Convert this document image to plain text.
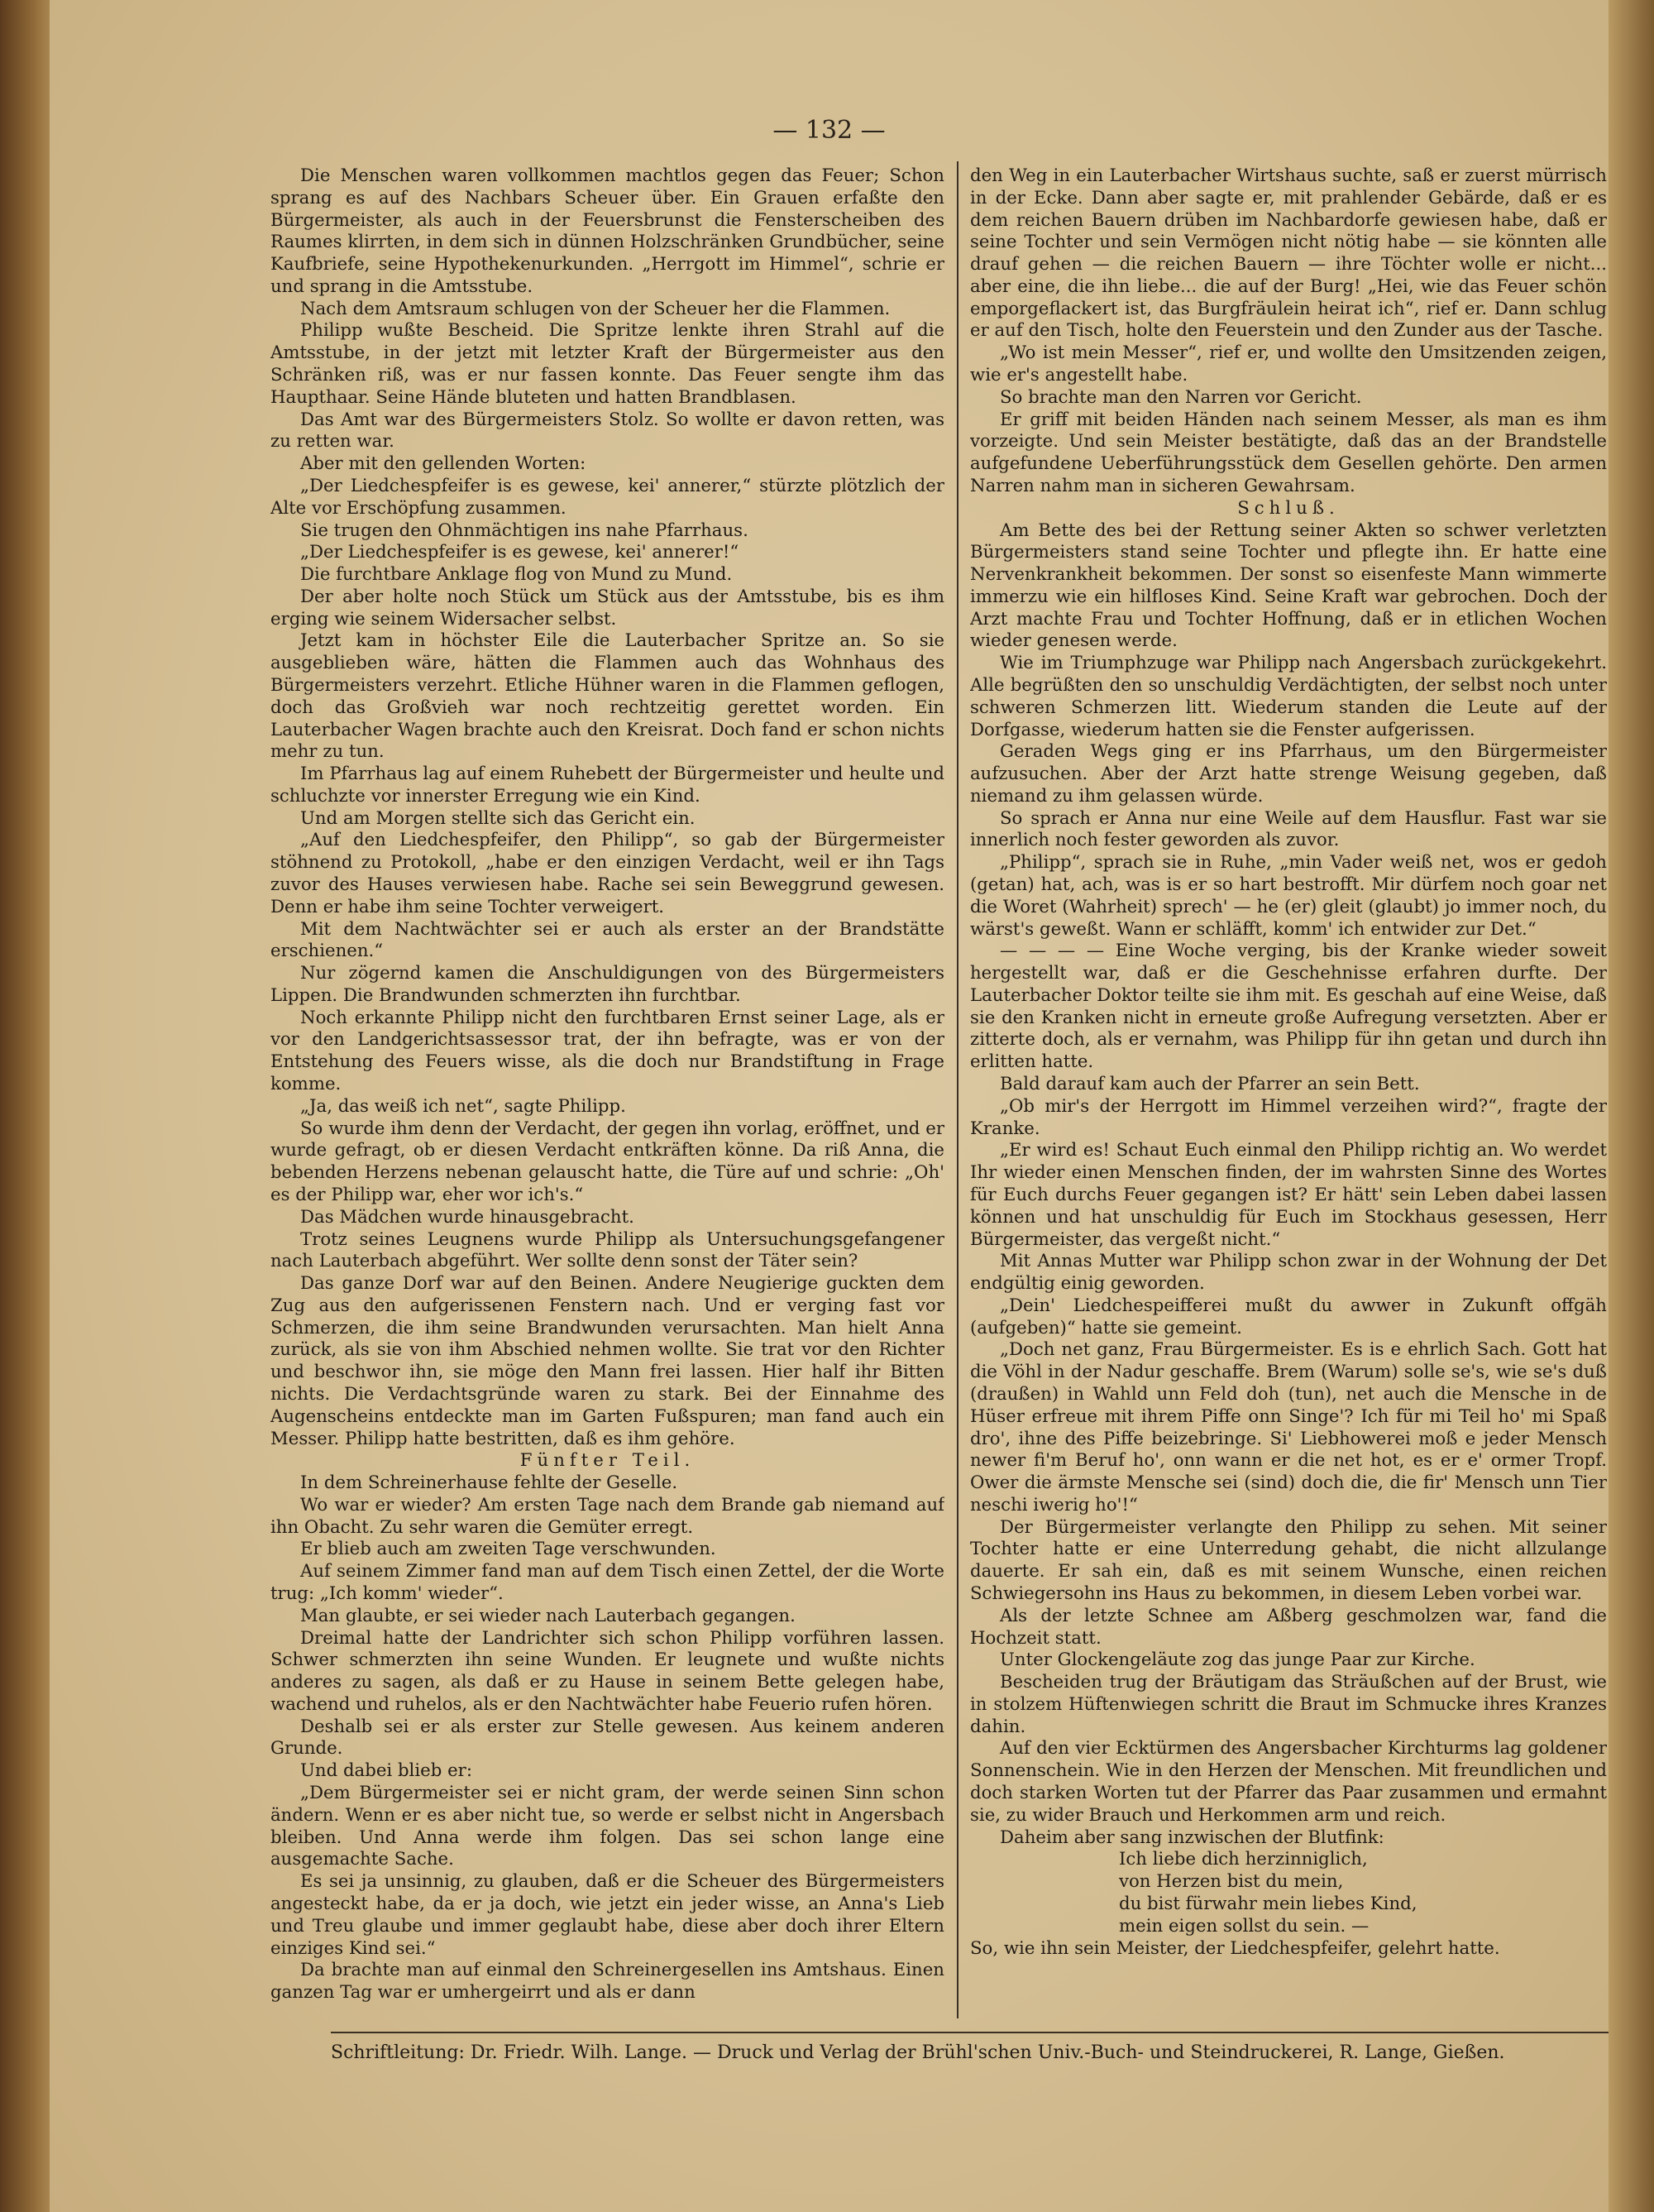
— 132 —

Die Menschen waren vollkommen machtlos gegen das Feuer; Schon sprang es auf des Nachbars Scheuer über. Ein Grauen erfaßte den Bürgermeister, als auch in der Feuersbrunst die Fensterscheiben des Raumes klirrten, in dem sich in dünnen Holzschränken Grundbücher, seine Kaufbriefe, seine Hypothekenurkunden. „Herrgott im Himmel“, schrie er und sprang in die Amtsstube.

Nach dem Amtsraum schlugen von der Scheuer her die Flammen.

Philipp wußte Bescheid. Die Spritze lenkte ihren Strahl auf die Amtsstube, in der jetzt mit letzter Kraft der Bürgermeister aus den Schränken riß, was er nur fassen konnte. Das Feuer sengte ihm das Haupthaar. Seine Hände bluteten und hatten Brandblasen.

Das Amt war des Bürgermeisters Stolz. So wollte er davon retten, was zu retten war.

Aber mit den gellenden Worten:

„Der Liedchespfeifer is es gewese, kei' annerer,“ stürzte plötzlich der Alte vor Erschöpfung zusammen.

Sie trugen den Ohnmächtigen ins nahe Pfarrhaus.

„Der Liedchespfeifer is es gewese, kei' annerer!“

Die furchtbare Anklage flog von Mund zu Mund.

Der aber holte noch Stück um Stück aus der Amtsstube, bis es ihm erging wie seinem Widersacher selbst.

Jetzt kam in höchster Eile die Lauterbacher Spritze an. So sie ausgeblieben wäre, hätten die Flammen auch das Wohnhaus des Bürgermeisters verzehrt. Etliche Hühner waren in die Flammen geflogen, doch das Großvieh war noch rechtzeitig gerettet worden. Ein Lauterbacher Wagen brachte auch den Kreisrat. Doch fand er schon nichts mehr zu tun.

Im Pfarrhaus lag auf einem Ruhebett der Bürgermeister und heulte und schluchzte vor innerster Erregung wie ein Kind.

Und am Morgen stellte sich das Gericht ein.

„Auf den Liedchespfeifer, den Philipp“, so gab der Bürgermeister stöhnend zu Protokoll, „habe er den einzigen Verdacht, weil er ihn Tags zuvor des Hauses verwiesen habe. Rache sei sein Beweggrund gewesen. Denn er habe ihm seine Tochter verweigert.

Mit dem Nachtwächter sei er auch als erster an der Brandstätte erschienen.“

Nur zögernd kamen die Anschuldigungen von des Bürgermeisters Lippen. Die Brandwunden schmerzten ihn furchtbar.

Noch erkannte Philipp nicht den furchtbaren Ernst seiner Lage, als er vor den Landgerichtsassessor trat, der ihn befragte, was er von der Entstehung des Feuers wisse, als die doch nur Brandstiftung in Frage komme.

„Ja, das weiß ich net“, sagte Philipp.

So wurde ihm denn der Verdacht, der gegen ihn vorlag, eröffnet, und er wurde gefragt, ob er diesen Verdacht entkräften könne. Da riß Anna, die bebenden Herzens nebenan gelauscht hatte, die Türe auf und schrie: „Oh' es der Philipp war, eher wor ich's.“

Das Mädchen wurde hinausgebracht.

Trotz seines Leugnens wurde Philipp als Untersuchungsgefangener nach Lauterbach abgeführt. Wer sollte denn sonst der Täter sein?

Das ganze Dorf war auf den Beinen. Andere Neugierige guckten dem Zug aus den aufgerissenen Fenstern nach. Und er verging fast vor Schmerzen, die ihm seine Brandwunden verursachten. Man hielt Anna zurück, als sie von ihm Abschied nehmen wollte. Sie trat vor den Richter und beschwor ihn, sie möge den Mann frei lassen. Hier half ihr Bitten nichts. Die Verdachtsgründe waren zu stark. Bei der Einnahme des Augenscheins entdeckte man im Garten Fußspuren; man fand auch ein Messer. Philipp hatte bestritten, daß es ihm gehöre.

Fünfter Teil.

In dem Schreinerhause fehlte der Geselle.

Wo war er wieder? Am ersten Tage nach dem Brande gab niemand auf ihn Obacht. Zu sehr waren die Gemüter erregt.

Er blieb auch am zweiten Tage verschwunden.

Auf seinem Zimmer fand man auf dem Tisch einen Zettel, der die Worte trug: „Ich komm' wieder“.

Man glaubte, er sei wieder nach Lauterbach gegangen.

Dreimal hatte der Landrichter sich schon Philipp vorführen lassen. Schwer schmerzten ihn seine Wunden. Er leugnete und wußte nichts anderes zu sagen, als daß er zu Hause in seinem Bette gelegen habe, wachend und ruhelos, als er den Nachtwächter habe Feuerio rufen hören.

Deshalb sei er als erster zur Stelle gewesen. Aus keinem anderen Grunde.

Und dabei blieb er:

„Dem Bürgermeister sei er nicht gram, der werde seinen Sinn schon ändern. Wenn er es aber nicht tue, so werde er selbst nicht in Angersbach bleiben. Und Anna werde ihm folgen. Das sei schon lange eine ausgemachte Sache.

Es sei ja unsinnig, zu glauben, daß er die Scheuer des Bürgermeisters angesteckt habe, da er ja doch, wie jetzt ein jeder wisse, an Anna's Lieb und Treu glaube und immer geglaubt habe, diese aber doch ihrer Eltern einziges Kind sei.“

Da brachte man auf einmal den Schreinergesellen ins Amtshaus. Einen ganzen Tag war er umhergeirrt und als er dann

den Weg in ein Lauterbacher Wirtshaus suchte, saß er zuerst mürrisch in der Ecke. Dann aber sagte er, mit prahlender Gebärde, daß er es dem reichen Bauern drüben im Nachbardorfe gewiesen habe, daß er seine Tochter und sein Vermögen nicht nötig habe — sie könnten alle drauf gehen — die reichen Bauern — ihre Töchter wolle er nicht... aber eine, die ihn liebe... die auf der Burg! „Hei, wie das Feuer schön emporgeflackert ist, das Burgfräulein heirat ich“, rief er. Dann schlug er auf den Tisch, holte den Feuerstein und den Zunder aus der Tasche.

„Wo ist mein Messer“, rief er, und wollte den Umsitzenden zeigen, wie er's angestellt habe.

So brachte man den Narren vor Gericht.

Er griff mit beiden Händen nach seinem Messer, als man es ihm vorzeigte. Und sein Meister bestätigte, daß das an der Brandstelle aufgefundene Ueberführungsstück dem Gesellen gehörte. Den armen Narren nahm man in sicheren Gewahrsam.

Schluß.

Am Bette des bei der Rettung seiner Akten so schwer verletzten Bürgermeisters stand seine Tochter und pflegte ihn. Er hatte eine Nervenkrankheit bekommen. Der sonst so eisenfeste Mann wimmerte immerzu wie ein hilfloses Kind. Seine Kraft war gebrochen. Doch der Arzt machte Frau und Tochter Hoffnung, daß er in etlichen Wochen wieder genesen werde.

Wie im Triumphzuge war Philipp nach Angersbach zurückgekehrt. Alle begrüßten den so unschuldig Verdächtigten, der selbst noch unter schweren Schmerzen litt. Wiederum standen die Leute auf der Dorfgasse, wiederum hatten sie die Fenster aufgerissen.

Geraden Wegs ging er ins Pfarrhaus, um den Bürgermeister aufzusuchen. Aber der Arzt hatte strenge Weisung gegeben, daß niemand zu ihm gelassen würde.

So sprach er Anna nur eine Weile auf dem Hausflur. Fast war sie innerlich noch fester geworden als zuvor.

„Philipp“, sprach sie in Ruhe, „min Vader weiß net, wos er gedoh (getan) hat, ach, was is er so hart bestrofft. Mir dürfem noch goar net die Woret (Wahrheit) sprech' — he (er) gleit (glaubt) jo immer noch, du wärst's geweßt. Wann er schläfft, komm' ich entwider zur Det.“

— — — — Eine Woche verging, bis der Kranke wieder soweit hergestellt war, daß er die Geschehnisse erfahren durfte. Der Lauterbacher Doktor teilte sie ihm mit. Es geschah auf eine Weise, daß sie den Kranken nicht in erneute große Aufregung versetzten. Aber er zitterte doch, als er vernahm, was Philipp für ihn getan und durch ihn erlitten hatte.

Bald darauf kam auch der Pfarrer an sein Bett.

„Ob mir's der Herrgott im Himmel verzeihen wird?“, fragte der Kranke.

„Er wird es! Schaut Euch einmal den Philipp richtig an. Wo werdet Ihr wieder einen Menschen finden, der im wahrsten Sinne des Wortes für Euch durchs Feuer gegangen ist? Er hätt' sein Leben dabei lassen können und hat unschuldig für Euch im Stockhaus gesessen, Herr Bürgermeister, das vergeßt nicht.“

Mit Annas Mutter war Philipp schon zwar in der Wohnung der Det endgültig einig geworden.

„Dein' Liedchespeifferei mußt du awwer in Zukunft offgäh (aufgeben)“ hatte sie gemeint.

„Doch net ganz, Frau Bürgermeister. Es is e ehrlich Sach. Gott hat die Vöhl in der Nadur geschaffe. Brem (Warum) solle se's, wie se's duß (draußen) in Wahld unn Feld doh (tun), net auch die Mensche in de Hüser erfreue mit ihrem Piffe onn Singe'? Ich für mi Teil ho' mi Spaß dro', ihne des Piffe beizebringe. Si' Liebhowerei moß e jeder Mensch newer fi'm Beruf ho', onn wann er die net hot, es er e' ormer Tropf. Ower die ärmste Mensche sei (sind) doch die, die fir' Mensch unn Tier neschi iwerig ho'!“

Der Bürgermeister verlangte den Philipp zu sehen. Mit seiner Tochter hatte er eine Unterredung gehabt, die nicht allzulange dauerte. Er sah ein, daß es mit seinem Wunsche, einen reichen Schwiegersohn ins Haus zu bekommen, in diesem Leben vorbei war.

Als der letzte Schnee am Aßberg geschmolzen war, fand die Hochzeit statt.

Unter Glockengeläute zog das junge Paar zur Kirche.

Bescheiden trug der Bräutigam das Sträußchen auf der Brust, wie in stolzem Hüftenwiegen schritt die Braut im Schmucke ihres Kranzes dahin.

Auf den vier Ecktürmen des Angersbacher Kirchturms lag goldener Sonnenschein. Wie in den Herzen der Menschen. Mit freundlichen und doch starken Worten tut der Pfarrer das Paar zusammen und ermahnt sie, zu wider Brauch und Herkommen arm und reich.

Daheim aber sang inzwischen der Blutfink:

Ich liebe dich herzinniglich,

von Herzen bist du mein,

du bist fürwahr mein liebes Kind,

mein eigen sollst du sein. —

So, wie ihn sein Meister, der Liedchespfeifer, gelehrt hatte.

Schriftleitung: Dr. Friedr. Wilh. Lange. — Druck und Verlag der Brühl'schen Univ.-Buch- und Steindruckerei, R. Lange, Gießen.
